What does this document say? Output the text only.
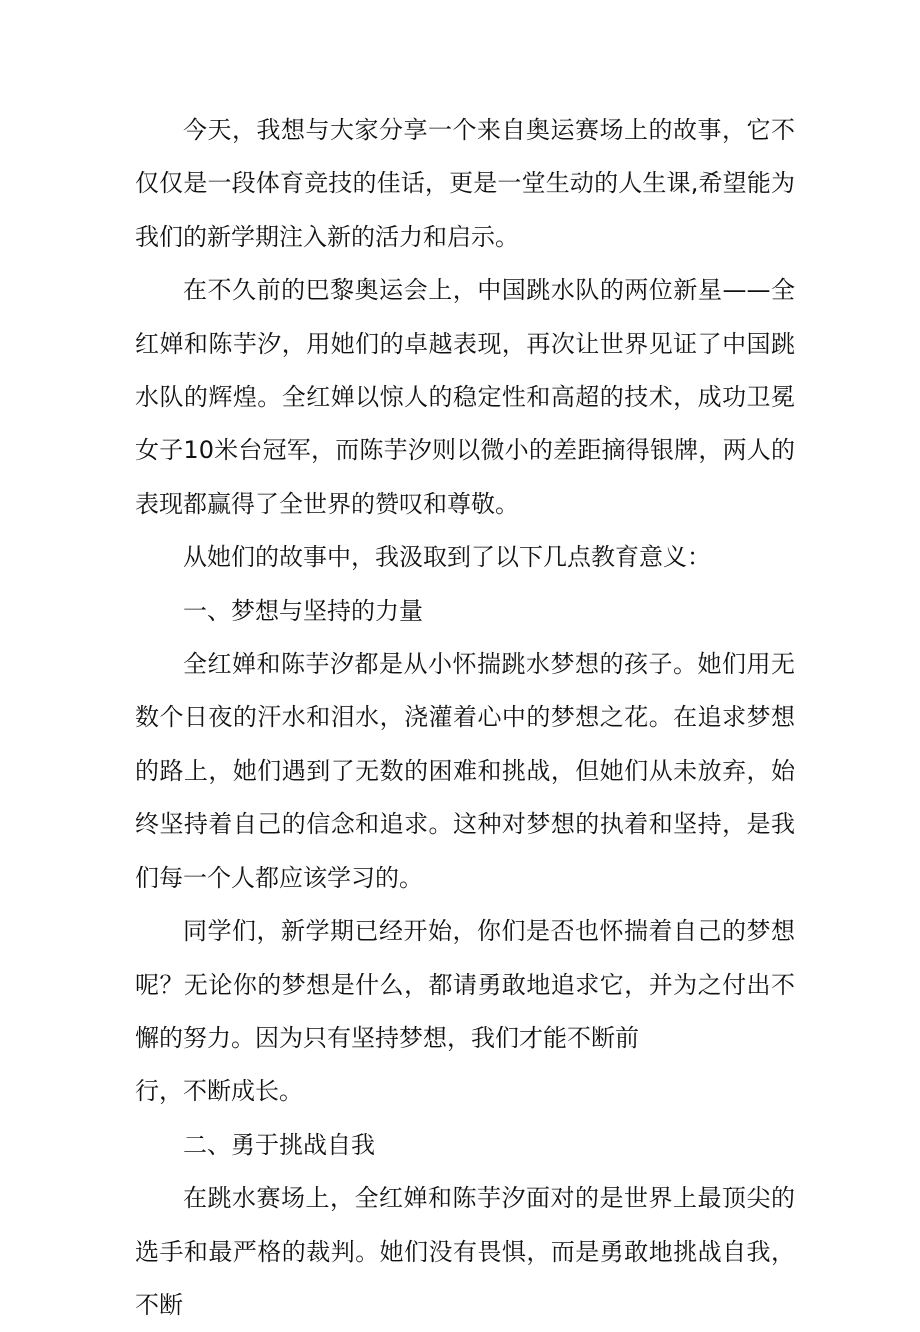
今天，我想与大家分享一个来自奥运赛场上的故事，它不仅仅是一段体育竞技的佳话，更是一堂生动的人生课,希望能为我们的新学期注入新的活力和启示。

在不久前的巴黎奥运会上，中国跳水队的两位新星——全红婵和陈芋汐，用她们的卓越表现，再次让世界见证了中国跳水队的辉煌。全红婵以惊人的稳定性和高超的技术，成功卫冕女子10米台冠军，而陈芋汐则以微小的差距摘得银牌，两人的表现都赢得了全世界的赞叹和尊敬。

从她们的故事中，我汲取到了以下几点教育意义：

一、梦想与坚持的力量

全红婵和陈芋汐都是从小怀揣跳水梦想的孩子。她们用无数个日夜的汗水和泪水，浇灌着心中的梦想之花。在追求梦想的路上，她们遇到了无数的困难和挑战，但她们从未放弃，始终坚持着自己的信念和追求。这种对梦想的执着和坚持，是我们每一个人都应该学习的。

同学们，新学期已经开始，你们是否也怀揣着自己的梦想呢？无论你的梦想是什么，都请勇敢地追求它，并为之付出不懈的努力。因为只有坚持梦想，我们才能不断前

行，不断成长。

二、勇于挑战自我

在跳水赛场上，全红婵和陈芋汐面对的是世界上最顶尖的选手和最严格的裁判。她们没有畏惧，而是勇敢地挑战自我，不断
